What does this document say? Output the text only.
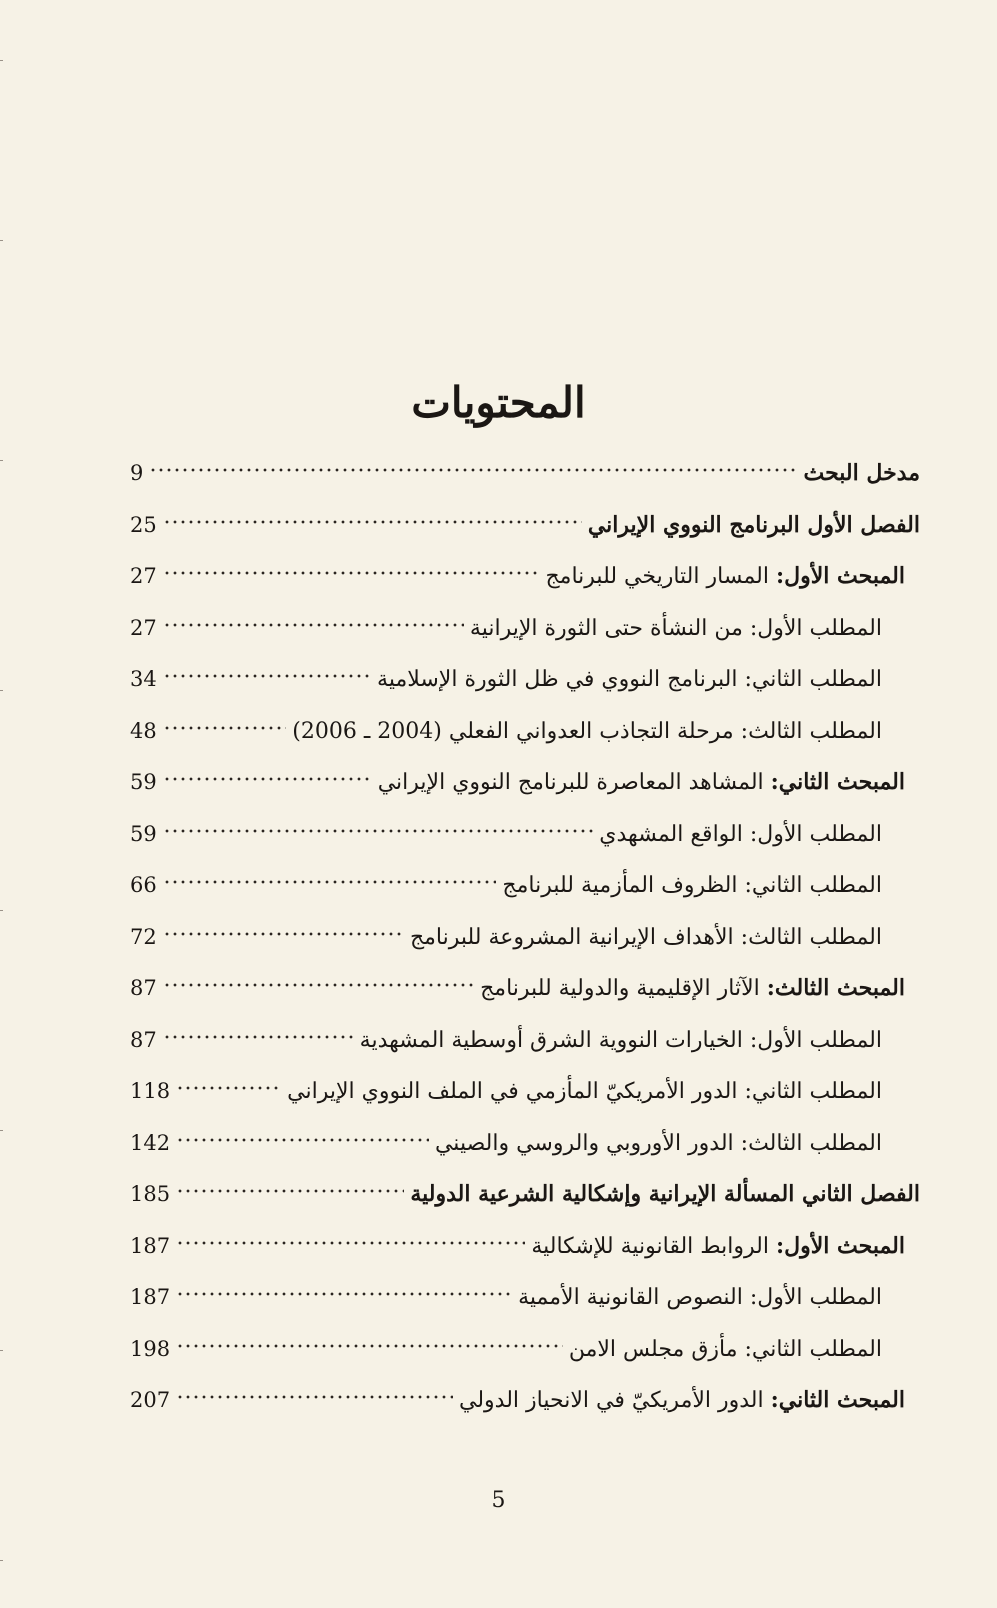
المحتويات
مدخل البحث
9
الفصل الأول البرنامج النووي الإيراني
25
المبحث الأول: المسار التاريخي للبرنامج
27
المطلب الأول: من النشأة حتى الثورة الإيرانية
27
المطلب الثاني: البرنامج النووي في ظل الثورة الإسلامية
34
المطلب الثالث: مرحلة التجاذب العدواني الفعلي (2004 ـ 2006)
48
المبحث الثاني: المشاهد المعاصرة للبرنامج النووي الإيراني
59
المطلب الأول: الواقع المشهدي
59
المطلب الثاني: الظروف المأزمية للبرنامج
66
المطلب الثالث: الأهداف الإيرانية المشروعة للبرنامج
72
المبحث الثالث: الآثار الإقليمية والدولية للبرنامج
87
المطلب الأول: الخيارات النووية الشرق أوسطية المشهدية
87
المطلب الثاني: الدور الأمريكيّ المأزمي في الملف النووي الإيراني
118
المطلب الثالث: الدور الأوروبي والروسي والصيني
142
الفصل الثاني المسألة الإيرانية وإشكالية الشرعية الدولية
185
المبحث الأول: الروابط القانونية للإشكالية
187
المطلب الأول: النصوص القانونية الأممية
187
المطلب الثاني: مأزق مجلس الامن
198
المبحث الثاني: الدور الأمريكيّ في الانحياز الدولي
207
5
